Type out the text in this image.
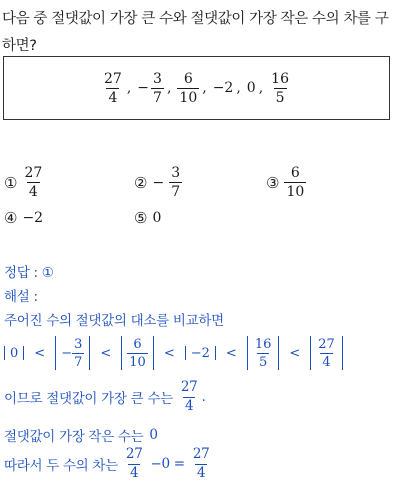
다음 중 절댓값이 가장 큰 수와 절댓값이 가장 작은 수의 차를 구하면?
$\frac{27}{4}$ , − $\frac{3}{7}$ , $\frac{6}{10}$ , −2 , 0 , $\frac{16}{5}$
① $\frac{27}{4}$	② − $\frac{3}{7}$	③ $\frac{6}{10}$
④ −2	⑤ 0
정답 : ①
해설 :
주어진 수의 절댓값의 대소를 비교하면
0 < − $\frac{3}{7} < \frac{6}{10} < -2 < \frac{16}{5} < \frac{27}{4}$
이므로 절댓값이 가장 큰 수는 $\frac{27}{4}$ .
절댓값이 가장 작은 수는 0
따라서 두 수의 차는 $\frac{27}{4} -0 = \frac{27}{4}$
